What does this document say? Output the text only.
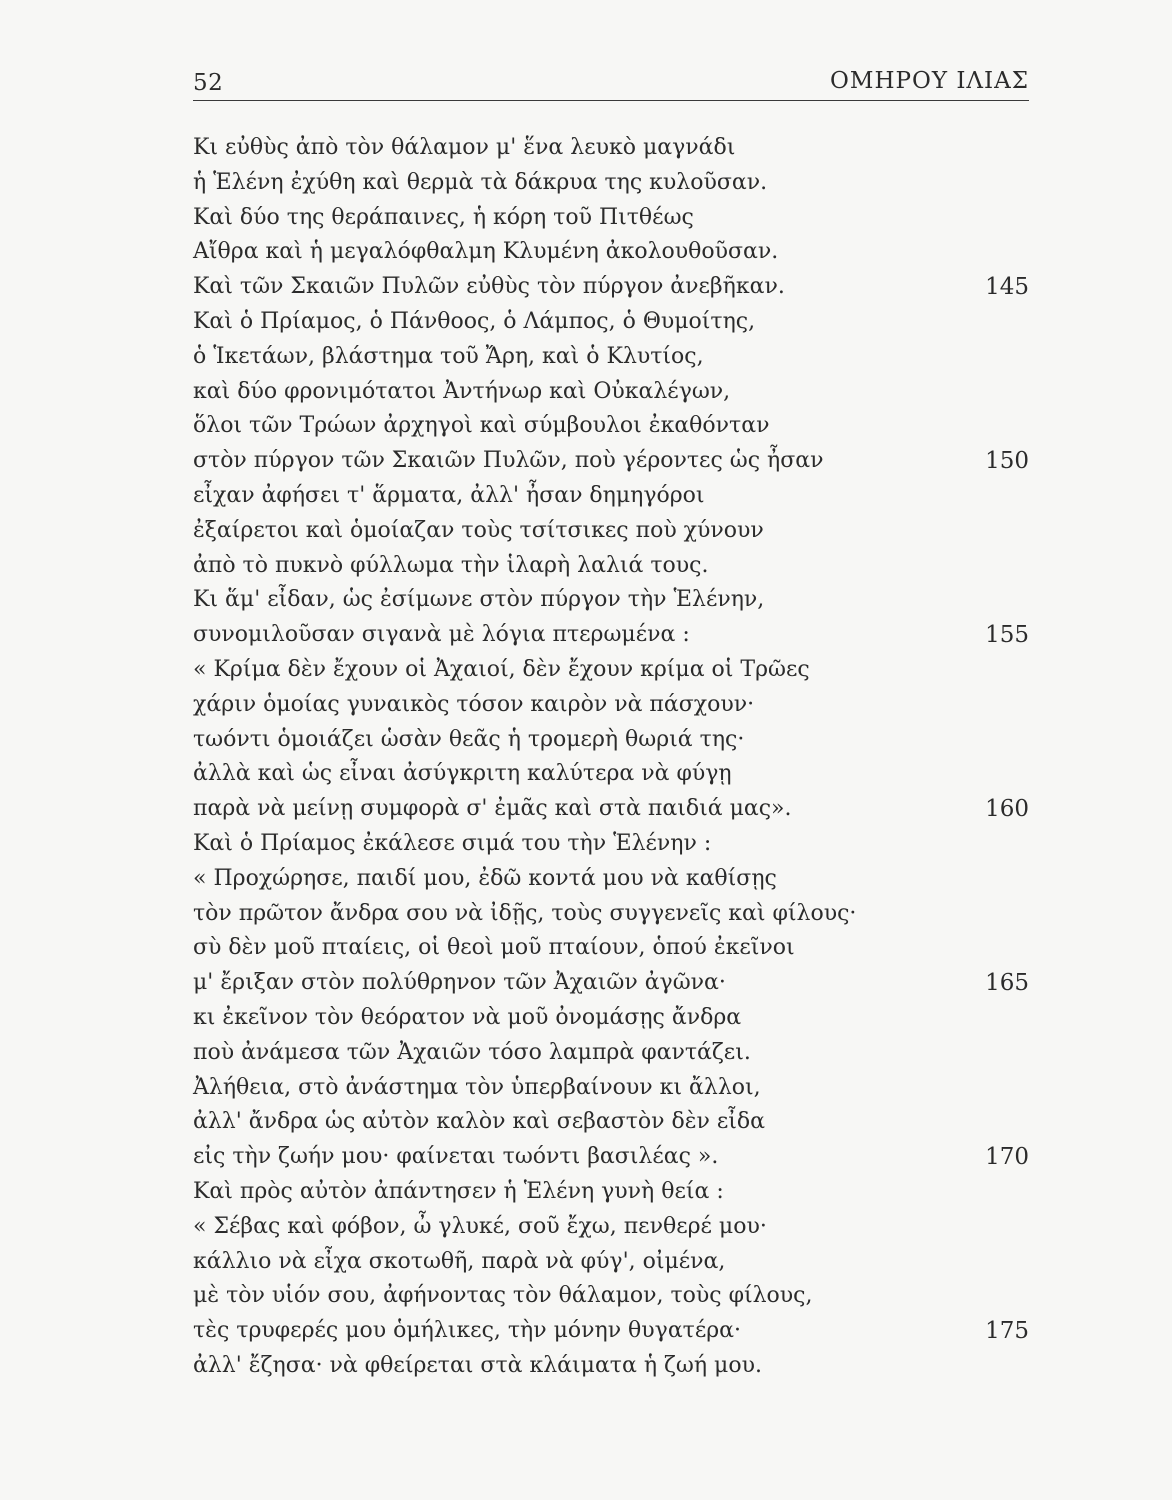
52	ΟΜΗΡΟΥ ΙΛΙΑΣ
Κι εὐθὺς ἀπὸ τὸν θάλαμον μ' ἕνα λευκὸ μαγνάδι
ἡ Ἑλένη ἐχύθη καὶ θερμὰ τὰ δάκρυα της κυλοῦσαν.
Καὶ δύο της θεράπαινες, ἡ κόρη τοῦ Πιτθέως
Αἴθρα καὶ ἡ μεγαλόφθαλμη Κλυμένη ἀκολουθοῦσαν.
Καὶ τῶν Σκαιῶν Πυλῶν εὐθὺς τὸν πύργον ἀνεβῆκαν.	145
Καὶ ὁ Πρίαμος, ὁ Πάνθοος, ὁ Λάμπος, ὁ Θυμοίτης,
ὁ Ἱκετάων, βλάστημα τοῦ Ἄρη, καὶ ὁ Κλυτίος,
καὶ δύο φρονιμότατοι Ἀντήνωρ καὶ Οὐκαλέγων,
ὅλοι τῶν Τρώων ἀρχηγοὶ καὶ σύμβουλοι ἐκαθόνταν
στὸν πύργον τῶν Σκαιῶν Πυλῶν, ποὺ γέροντες ὡς ἦσαν	150
εἶχαν ἀφήσει τ' ἅρματα, ἀλλ' ἦσαν δημηγόροι
ἐξαίρετοι καὶ ὁμοίαζαν τοὺς τσίτσικες ποὺ χύνουν
ἀπὸ τὸ πυκνὸ φύλλωμα τὴν ἱλαρὴ λαλιά τους.
Κι ἅμ' εἶδαν, ὡς ἐσίμωνε στὸν πύργον τὴν Ἑλένην,
συνομιλοῦσαν σιγανὰ μὲ λόγια πτερωμένα :	155
« Κρίμα δὲν ἔχουν οἱ Ἀχαιοί, δὲν ἔχουν κρίμα οἱ Τρῶες
χάριν ὁμοίας γυναικὸς τόσον καιρὸν νὰ πάσχουν·
τωόντι ὁμοιάζει ὡσὰν θεᾶς ἡ τρομερὴ θωριά της·
ἀλλὰ καὶ ὡς εἶναι ἀσύγκριτη καλύτερα νὰ φύγῃ
παρὰ νὰ μείνῃ συμφορὰ σ' ἐμᾶς καὶ στὰ παιδιά μας».	160
Καὶ ὁ Πρίαμος ἐκάλεσε σιμά του τὴν Ἑλένην :
« Προχώρησε, παιδί μου, ἐδῶ κοντά μου νὰ καθίσῃς
τὸν πρῶτον ἄνδρα σου νὰ ἰδῇς, τοὺς συγγενεῖς καὶ φίλους·
σὺ δὲν μοῦ πταίεις, οἱ θεοὶ μοῦ πταίουν, ὁπού ἐκεῖνοι
μ' ἔριξαν στὸν πολύθρηνον τῶν Ἀχαιῶν ἀγῶνα·	165
κι ἐκεῖνον τὸν θεόρατον νὰ μοῦ ὀνομάσῃς ἄνδρα
ποὺ ἀνάμεσα τῶν Ἀχαιῶν τόσο λαμπρὰ φαντάζει.
Ἀλήθεια, στὸ ἀνάστημα τὸν ὑπερβαίνουν κι ἄλλοι,
ἀλλ' ἄνδρα ὡς αὐτὸν καλὸν καὶ σεβαστὸν δὲν εἶδα
εἰς τὴν ζωήν μου· φαίνεται τωόντι βασιλέας ».	170
Καὶ πρὸς αὐτὸν ἀπάντησεν ἡ Ἑλένη γυνὴ θεία :
« Σέβας καὶ φόβον, ὦ γλυκέ, σοῦ ἔχω, πενθερέ μου·
κάλλιο νὰ εἶχα σκοτωθῆ, παρὰ νὰ φύγ', οἰμένα,
μὲ τὸν υἱόν σου, ἀφήνοντας τὸν θάλαμον, τοὺς φίλους,
τὲς τρυφερές μου ὁμήλικες, τὴν μόνην θυγατέρα·	175
ἀλλ' ἔζησα· νὰ φθείρεται στὰ κλάιματα ἡ ζωή μου.
